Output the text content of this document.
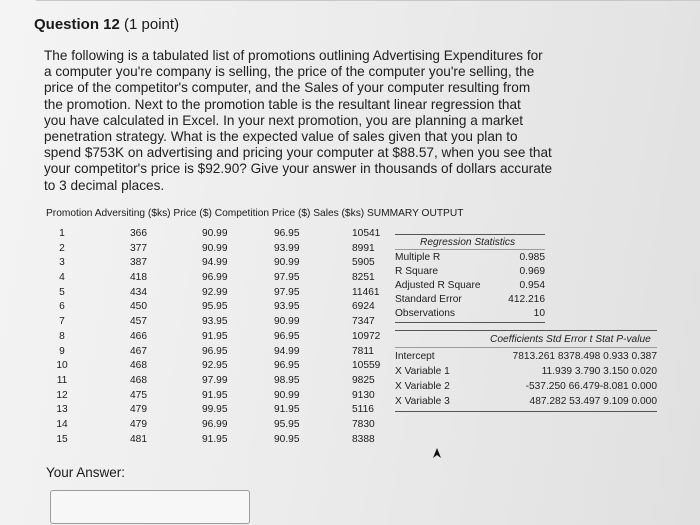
Question 12 (1 point)
The following is a tabulated list of promotions outlining Advertising Expenditures for
a computer you're company is selling, the price of the computer you're selling, the
price of the competitor's computer, and the Sales of your computer resulting from
the promotion. Next to the promotion table is the resultant linear regression that
you have calculated in Excel. In your next promotion, you are planning a market
penetration strategy. What is the expected value of sales given that you plan to
spend $753K on advertising and pricing your computer at $88.57, when you see that
your competitor's price is $92.90? Give your answer in thousands of dollars accurate
to 3 decimal places.
Promotion Adversiting ($ks) Price ($) Competition Price ($) Sales ($ks) SUMMARY OUTPUT
1	366	90.99	96.95	10541
2	377	90.99	93.99	8991
3	387	94.99	90.99	5905
4	418	96.99	97.95	8251
5	434	92.99	97.95	11461
6	450	95.95	93.95	6924
7	457	93.95	90.99	7347
8	466	91.95	96.95	10972
9	467	96.95	94.99	7811
10	468	92.95	96.95	10559
11	468	97.99	98.95	9825
12	475	91.95	90.99	9130
13	479	99.95	91.95	5116
14	479	96.99	95.95	7830
15	481	91.95	90.95	8388
Regression Statistics
Multiple R	0.985
R Square	0.969
Adjusted R Square	0.954
Standard Error	412.216
Observations	10
Coefficients Std Error t Stat P-value
Intercept	7813.261 8378.498 0.933 0.387
X Variable 1	11.939 3.790 3.150 0.020
X Variable 2	-537.250 66.479-8.081 0.000
X Variable 3	487.282 53.497 9.109 0.000
Your Answer:
